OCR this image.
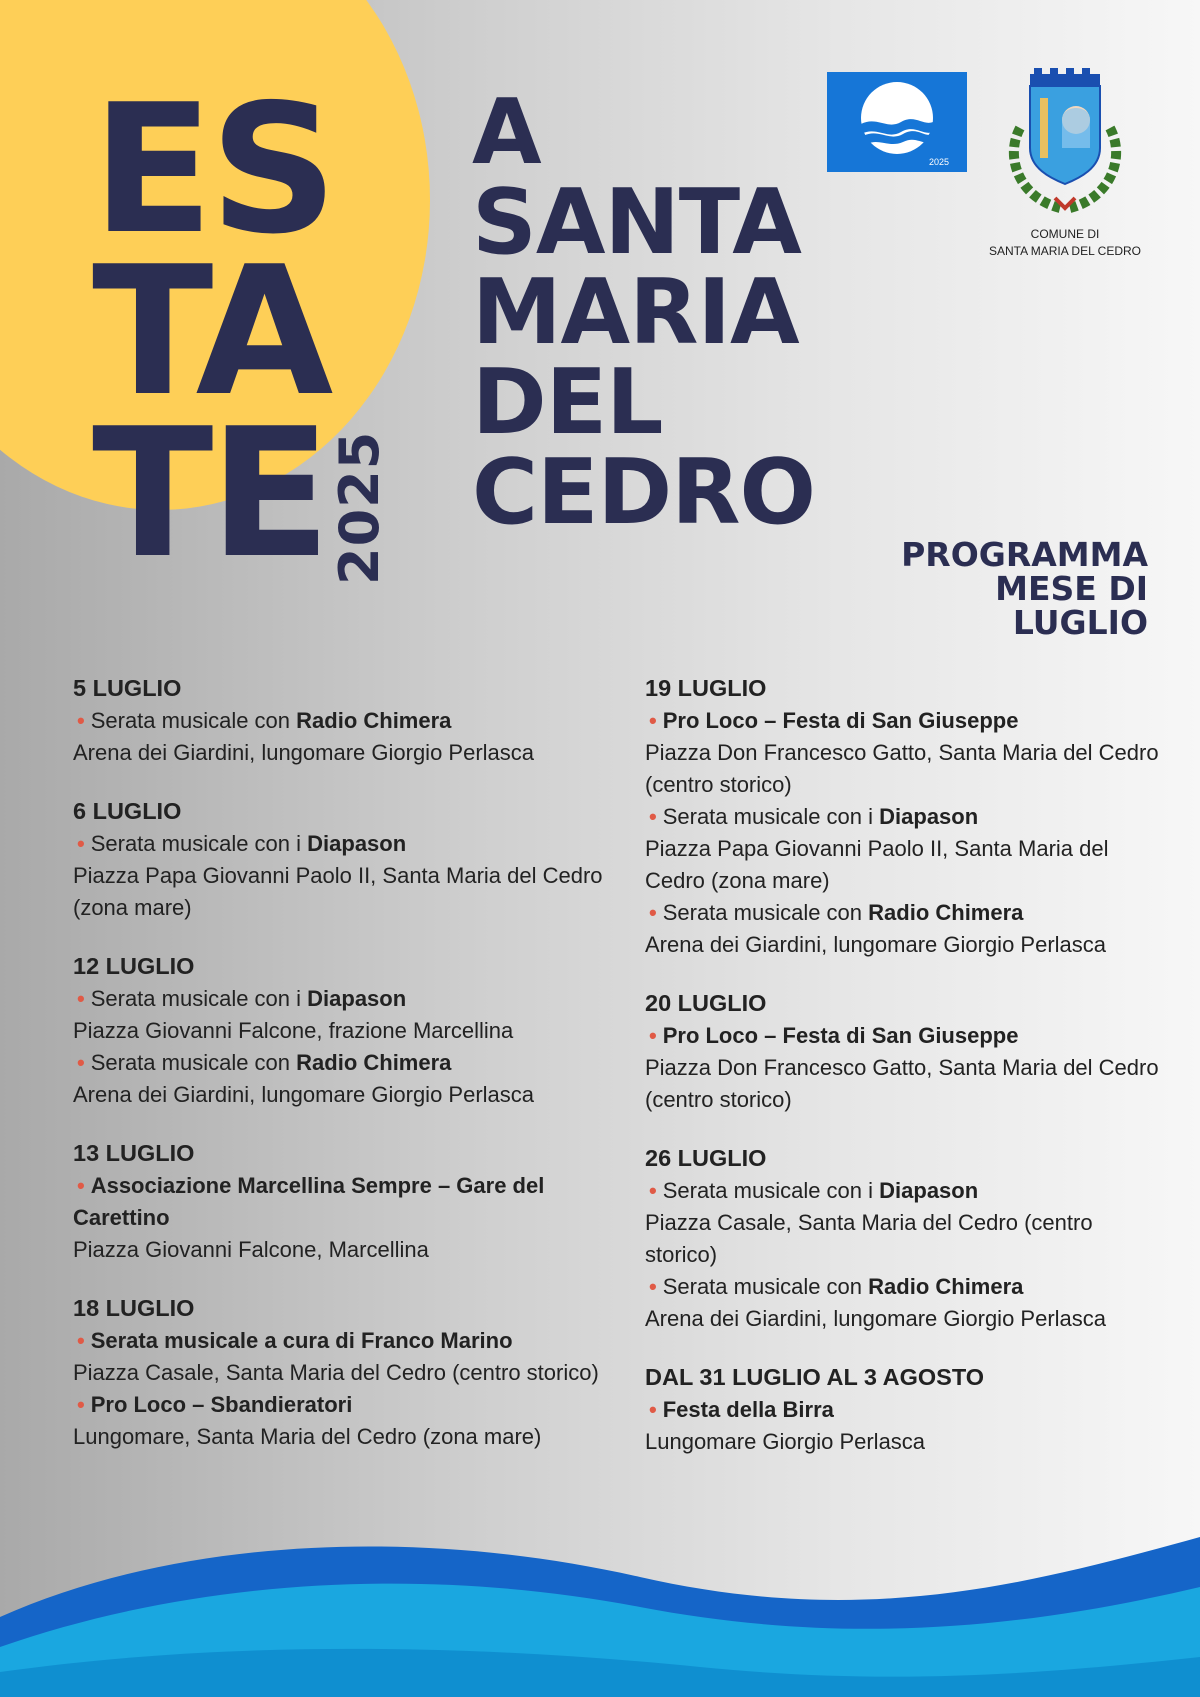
ES
TA
TE 2025
A
SANTA
MARIA
DEL
CEDRO
2025
COMUNE DI
SANTA MARIA DEL CEDRO
PROGRAMMA
MESE DI
LUGLIO
5 LUGLIO
• Serata musicale con Radio Chimera
Arena dei Giardini, lungomare Giorgio Perlasca
6 LUGLIO
• Serata musicale con i Diapason
Piazza Papa Giovanni Paolo II, Santa Maria del Cedro (zona mare)
12 LUGLIO
• Serata musicale con i Diapason
Piazza Giovanni Falcone, frazione Marcellina
• Serata musicale con Radio Chimera
Arena dei Giardini, lungomare Giorgio Perlasca
13 LUGLIO
• Associazione Marcellina Sempre – Gare del Carettino
Piazza Giovanni Falcone, Marcellina
18 LUGLIO
• Serata musicale a cura di Franco Marino
Piazza Casale, Santa Maria del Cedro (centro storico)
• Pro Loco – Sbandieratori
Lungomare, Santa Maria del Cedro (zona mare)
19 LUGLIO
• Pro Loco – Festa di San Giuseppe
Piazza Don Francesco Gatto, Santa Maria del Cedro (centro storico)
• Serata musicale con i Diapason
Piazza Papa Giovanni Paolo II, Santa Maria del Cedro (zona mare)
• Serata musicale con Radio Chimera
Arena dei Giardini, lungomare Giorgio Perlasca
20 LUGLIO
• Pro Loco – Festa di San Giuseppe
Piazza Don Francesco Gatto, Santa Maria del Cedro (centro storico)
26 LUGLIO
• Serata musicale con i Diapason
Piazza Casale, Santa Maria del Cedro (centro storico)
• Serata musicale con Radio Chimera
Arena dei Giardini, lungomare Giorgio Perlasca
DAL 31 LUGLIO AL 3 AGOSTO
• Festa della Birra
Lungomare Giorgio Perlasca
